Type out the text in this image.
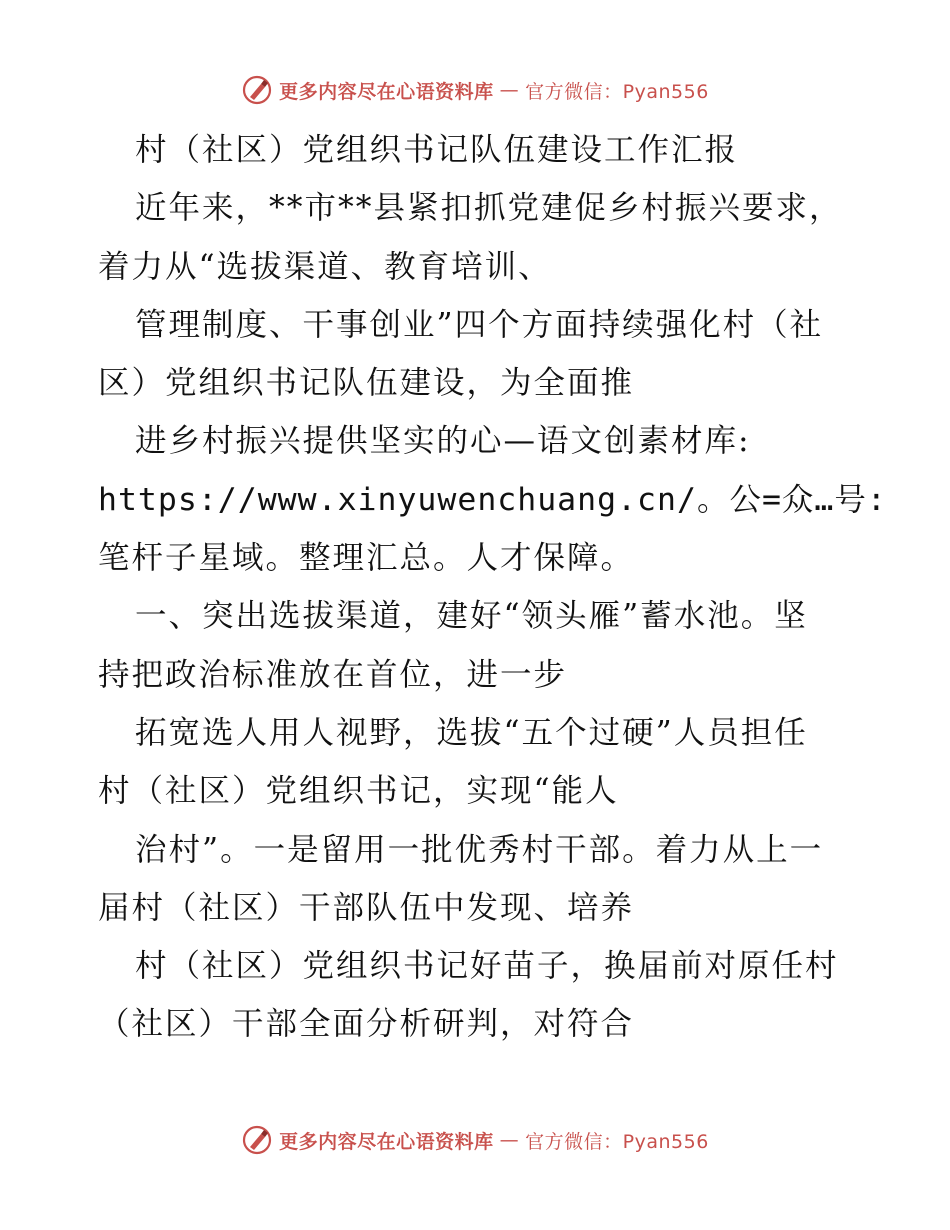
更多内容尽在心语资料库 — 官方微信：Pyan556
村（社区）党组织书记队伍建设工作汇报
近年来，**市**县紧扣抓党建促乡村振兴要求，
着力从“选拔渠道、教育培训、
管理制度、干事创业”四个方面持续强化村（社
区）党组织书记队伍建设，为全面推
进乡村振兴提供坚实的心—语文创素材库:
https://www.xinyuwenchuang.cn/。公=众…号:
笔杆子星域。整理汇总。人才保障。
一、突出选拔渠道，建好“领头雁”蓄水池。坚
持把政治标准放在首位，进一步
拓宽选人用人视野，选拔“五个过硬”人员担任
村（社区）党组织书记，实现“能人
治村”。一是留用一批优秀村干部。着力从上一
届村（社区）干部队伍中发现、培养
村（社区）党组织书记好苗子，换届前对原任村
（社区）干部全面分析研判，对符合
更多内容尽在心语资料库 — 官方微信：Pyan556
